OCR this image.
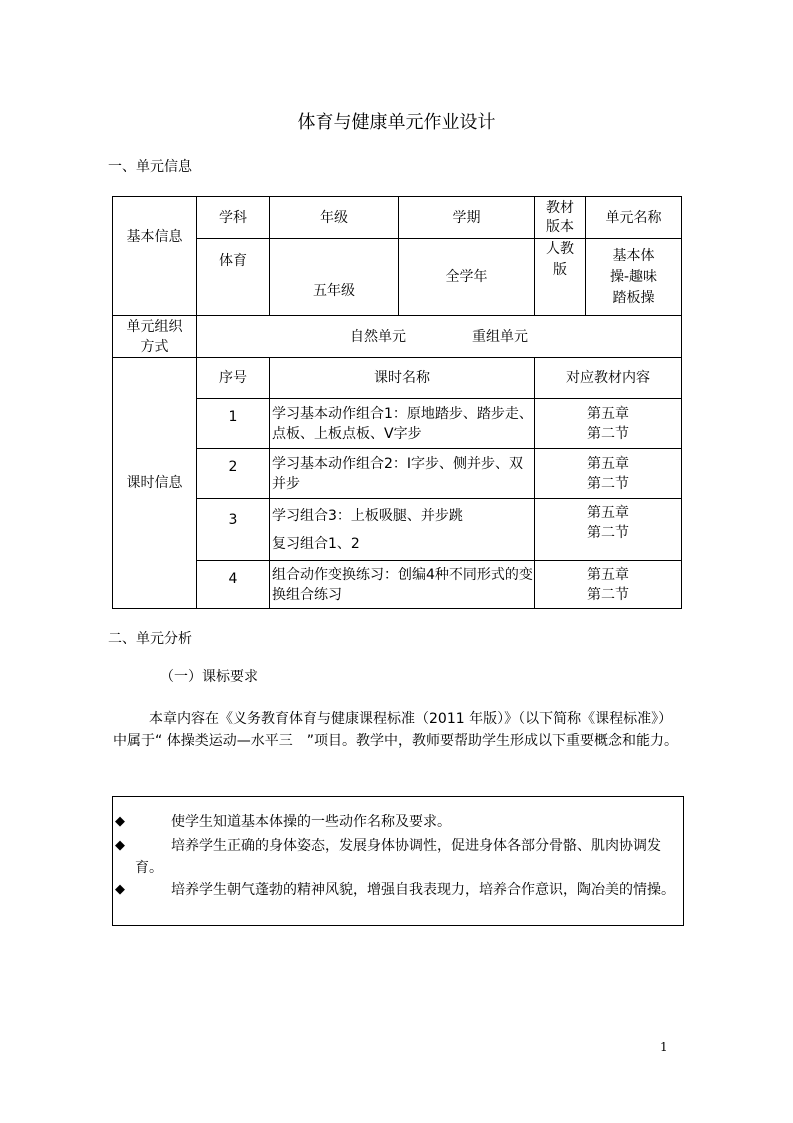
体育与健康单元作业设计
一、单元信息
基本信息	学科	年级	学期	教材版本	单元名称
	体育	五年级	全学年	人教版	基本体操-趣味踏板操
单元组织方式	自然单元 重组单元				
课时信息	序号	课时名称		对应教材内容	
	1	学习基本动作组合1：原地踏步、踏步走、点板、上板点板、V字步		第五章第二节	
	2	学习基本动作组合2：I字步、侧并步、双并步		第五章第二节	
	3	学习组合3：上板吸腿、并步跳
复习组合1、2		第五章第二节	
	4	组合动作变换练习：创编4种不同形式的变换组合练习		第五章第二节	
二、单元分析
（一）课标要求

本章内容在《义务教育体育与健康课程标准（2011 年版）》（以下简称《课程标准》）中属于“ 体操类运动—水平三　”项目。教学中，教师要帮助学生形成以下重要概念和能力。

◆	使学生知道基本体操的一些动作名称及要求。
◆	培养学生正确的身体姿态，发展身体协调性，促进身体各部分骨骼、肌肉协调发育。
◆	培养学生朝气蓬勃的精神风貌，增强自我表现力，培养合作意识，陶冶美的情操。
1
